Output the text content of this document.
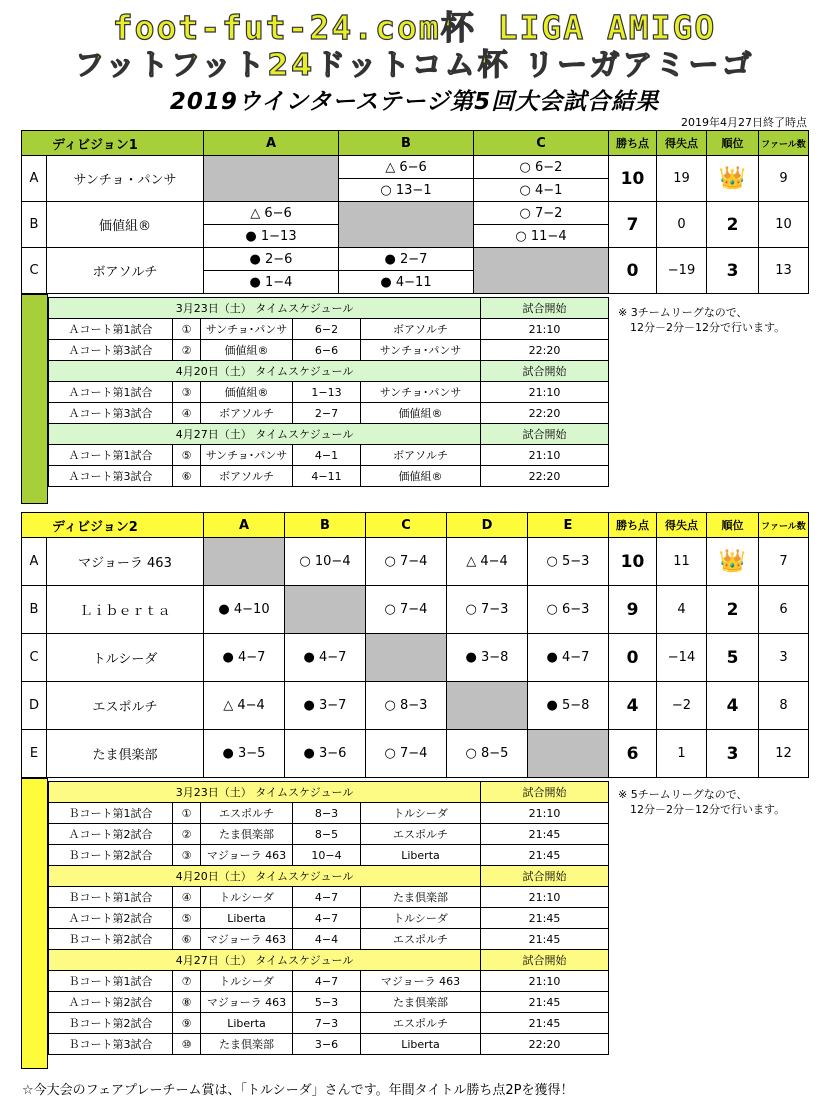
foot-fut-24.com杯 LIGA AMIGO
フットフット24ドットコム杯 リーガアミーゴ
2019ウインターステージ第5回大会試合結果
2019年4月27日終了時点
ディビジョン1		A	B	C	勝ち点	得失点	順位	ファール数
A	サンチョ・パンサ		△ 6−6	○ 6−2	10	19	👑	9
			○ 13−1	○ 4−1				
B	価値組®	△ 6−6		○ 7−2	7	0	2	10
		● 1−13		○ 11−4				
C	ボアソルチ	● 2−6	● 2−7		0	−19	3	13
		● 1−4	● 4−11					
3月23日（土） タイムスケジュール					試合開始
Ａコート第1試合	①	サンチョ･パンサ	6−2	ボアソルチ	21:10
Ａコート第3試合	②	価値組®	6−6	サンチョ･パンサ	22:20
4月20日（土） タイムスケジュール					試合開始
Ａコート第1試合	③	価値組®	1−13	サンチョ･パンサ	21:10
Ａコート第3試合	④	ボアソルチ	2−7	価値組®	22:20
4月27日（土） タイムスケジュール					試合開始
Ａコート第1試合	⑤	サンチョ･パンサ	4−1	ボアソルチ	21:10
Ａコート第3試合	⑥	ボアソルチ	4−11	価値組®	22:20
※ 3チームリーグなので、
12分－2分－12分で行います。
ディビジョン2		A	B	C	D	E	勝ち点	得失点	順位	ファール数
A	マジョーラ 463		○ 10−4	○ 7−4	△ 4−4	○ 5−3	10	11	👑	7
B	Ｌｉｂｅｒｔａ	● 4−10		○ 7−4	○ 7−3	○ 6−3	9	4	2	6
C	トルシーダ	● 4−7	● 4−7		● 3−8	● 4−7	0	−14	5	3
D	エスポルチ	△ 4−4	● 3−7	○ 8−3		● 5−8	4	−2	4	8
E	たま倶楽部	● 3−5	● 3−6	○ 7−4	○ 8−5		6	1	3	12
3月23日（土） タイムスケジュール					試合開始
Ｂコート第1試合	①	エスポルチ	8−3	トルシーダ	21:10
Ａコート第2試合	②	たま倶楽部	8−5	エスポルチ	21:45
Ｂコート第2試合	③	マジョーラ 463	10−4	Liberta	21:45
4月20日（土） タイムスケジュール					試合開始
Ｂコート第1試合	④	トルシーダ	4−7	たま倶楽部	21:10
Ａコート第2試合	⑤	Liberta	4−7	トルシーダ	21:45
Ｂコート第2試合	⑥	マジョーラ 463	4−4	エスポルチ	21:45
4月27日（土） タイムスケジュール					試合開始
Ｂコート第1試合	⑦	トルシーダ	4−7	マジョーラ 463	21:10
Ａコート第2試合	⑧	マジョーラ 463	5−3	たま倶楽部	21:45
Ｂコート第2試合	⑨	Liberta	7−3	エスポルチ	21:45
Ｂコート第3試合	⑩	たま倶楽部	3−6	Liberta	22:20
※ 5チームリーグなので、
12分－2分－12分で行います。
☆今大会のフェアプレーチーム賞は、「トルシーダ」さんです。年間タイトル勝ち点2Pを獲得！
